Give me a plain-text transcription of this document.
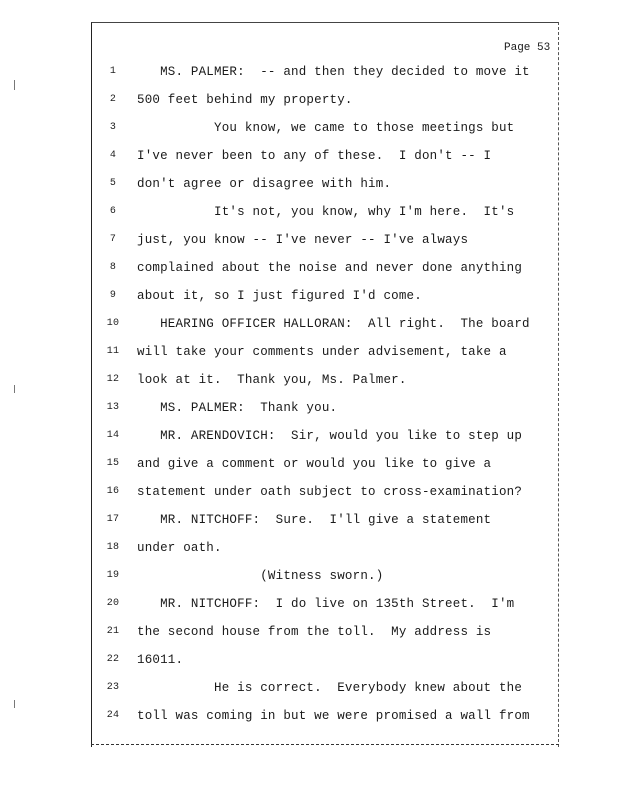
Page 53
1	MS. PALMER:  -- and then they decided to move it
2	500 feet behind my property.
3	You know, we came to those meetings but
4	I've never been to any of these.  I don't -- I
5	don't agree or disagree with him.
6	It's not, you know, why I'm here.  It's
7	just, you know -- I've never -- I've always
8	complained about the noise and never done anything
9	about it, so I just figured I'd come.
10	HEARING OFFICER HALLORAN:  All right.  The board
11	will take your comments under advisement, take a
12	look at it.  Thank you, Ms. Palmer.
13	MS. PALMER:  Thank you.
14	MR. ARENDOVICH:  Sir, would you like to step up
15	and give a comment or would you like to give a
16	statement under oath subject to cross-examination?
17	MR. NITCHOFF:  Sure.  I'll give a statement
18	under oath.
19	(Witness sworn.)
20	MR. NITCHOFF:  I do live on 135th Street.  I'm
21	the second house from the toll.  My address is
22	16011.
23	He is correct.  Everybody knew about the
24	toll was coming in but we were promised a wall from
